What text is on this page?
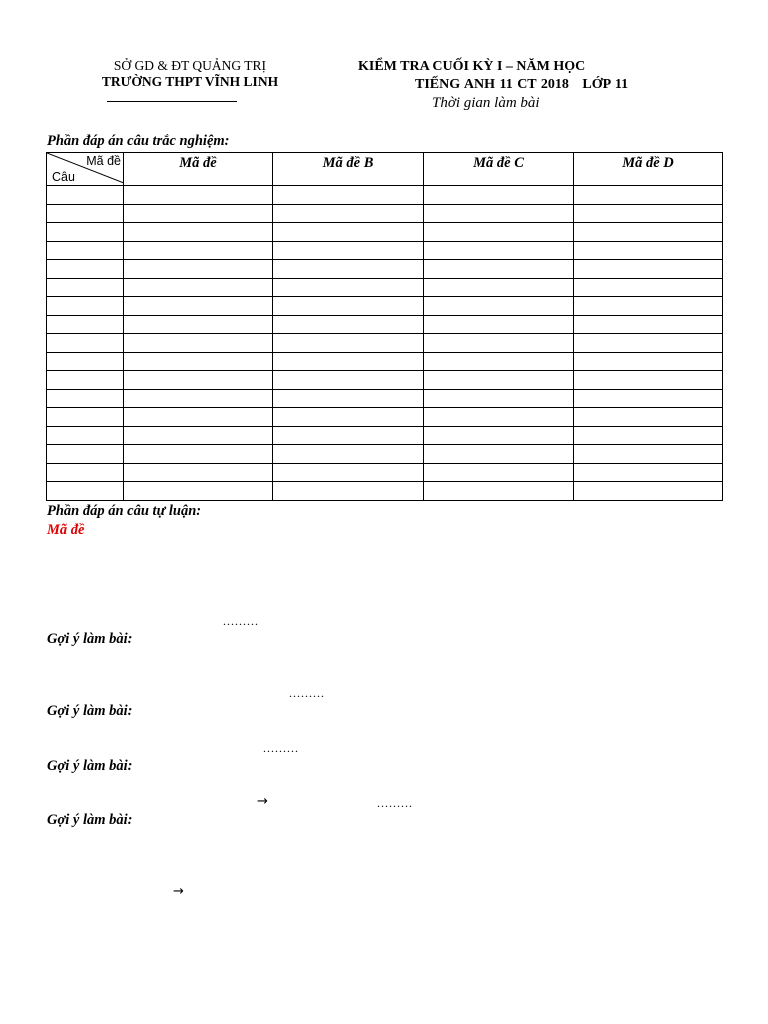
SỞ GD & ĐT QUẢNG TRỊ
TRƯỜNG THPT VĨNH LINH
KIỂM TRA CUỐI KỲ I – NĂM HỌC
TIẾNG ANH 11 CT 2018   LỚP 11
Thời gian làm bài
Phần đáp án câu trắc nghiệm:
Mã đề
Câu	Mã đề	Mã đề B	Mã đề C	Mã đề D

Phần đáp án câu tự luận:
Mã đề
.........
Gợi ý làm bài:
.........
Gợi ý làm bài:
.........
Gợi ý làm bài:
→	.........
Gợi ý làm bài:
→
